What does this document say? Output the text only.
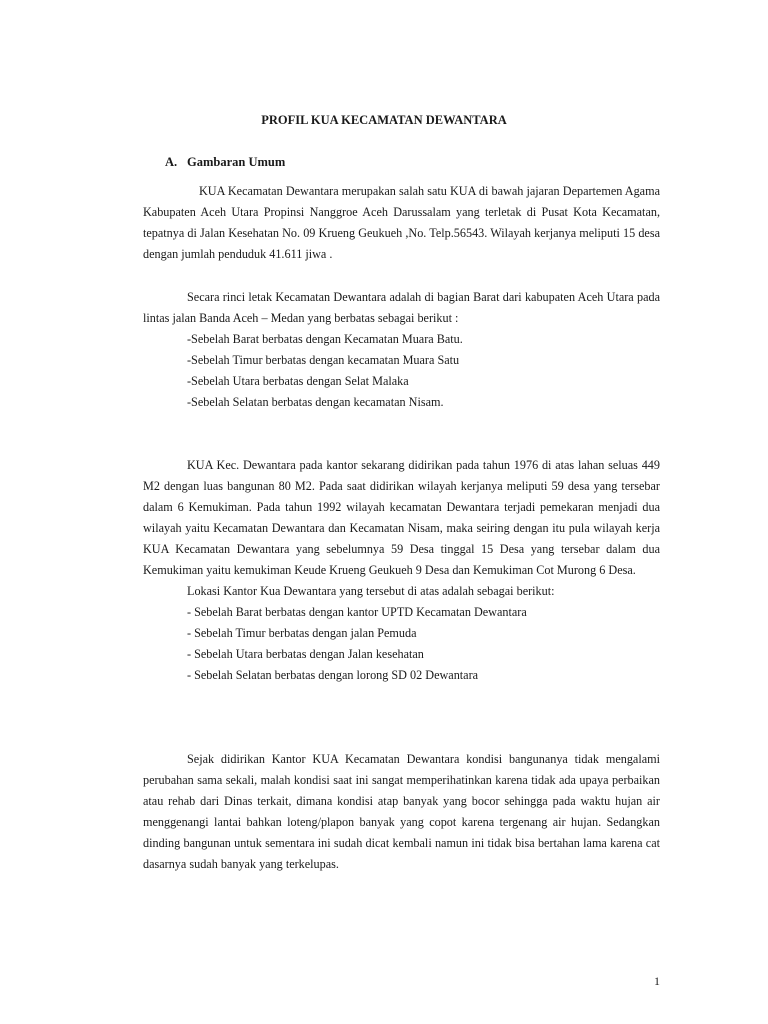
PROFIL KUA KECAMATAN DEWANTARA
A. Gambaran Umum

KUA Kecamatan Dewantara merupakan salah satu KUA di bawah jajaran Departemen Agama Kabupaten Aceh Utara Propinsi Nanggroe Aceh Darussalam yang terletak di Pusat Kota Kecamatan, tepatnya di Jalan Kesehatan No. 09 Krueng Geukueh ,No. Telp.56543. Wilayah kerjanya meliputi 15 desa dengan jumlah penduduk 41.611 jiwa .

Secara rinci letak Kecamatan Dewantara adalah di bagian Barat dari kabupaten Aceh Utara pada lintas jalan Banda Aceh – Medan yang berbatas sebagai berikut :

-Sebelah Barat berbatas dengan Kecamatan Muara Batu.
-Sebelah Timur berbatas dengan kecamatan Muara Satu
-Sebelah Utara berbatas dengan Selat Malaka
-Sebelah Selatan berbatas dengan kecamatan Nisam.

KUA Kec. Dewantara pada kantor sekarang didirikan pada tahun 1976 di atas lahan seluas 449 M2 dengan luas bangunan 80 M2. Pada saat didirikan wilayah kerjanya meliputi 59 desa yang tersebar dalam 6 Kemukiman. Pada tahun 1992 wilayah kecamatan Dewantara terjadi pemekaran menjadi dua wilayah yaitu Kecamatan Dewantara dan Kecamatan Nisam, maka seiring dengan itu pula wilayah kerja KUA Kecamatan Dewantara yang sebelumnya 59 Desa tinggal 15 Desa yang tersebar dalam dua Kemukiman yaitu kemukiman Keude Krueng Geukueh 9 Desa dan Kemukiman Cot Murong 6 Desa.

Lokasi Kantor Kua Dewantara yang tersebut di atas adalah sebagai berikut:

- Sebelah Barat berbatas dengan kantor UPTD Kecamatan Dewantara
- Sebelah Timur berbatas dengan jalan Pemuda
- Sebelah Utara berbatas dengan Jalan kesehatan
- Sebelah Selatan berbatas dengan lorong SD 02 Dewantara

Sejak didirikan Kantor KUA Kecamatan Dewantara kondisi bangunanya tidak mengalami perubahan sama sekali, malah kondisi saat ini sangat memperihatinkan karena tidak ada upaya perbaikan atau rehab dari Dinas terkait, dimana kondisi atap banyak yang bocor sehingga pada waktu hujan air menggenangi lantai bahkan loteng/plapon banyak yang copot karena tergenang air hujan. Sedangkan dinding bangunan untuk sementara ini sudah dicat kembali namun ini tidak bisa bertahan lama karena cat dasarnya sudah banyak yang terkelupas.

1
